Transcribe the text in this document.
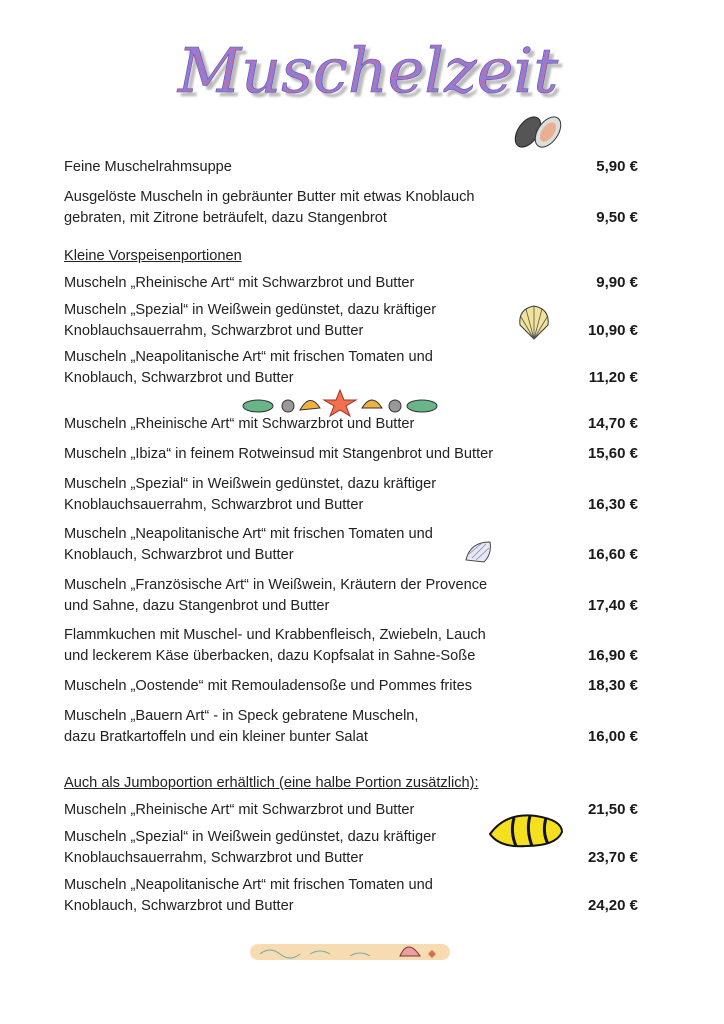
Muschelzeit
Feine Muschelrahmsuppe	5,90 €
Ausgelöste Muscheln in gebräunter Butter mit etwas Knoblauch
gebraten, mit Zitrone beträufelt, dazu Stangenbrot	9,50 €
Kleine Vorspeisenportionen
Muscheln „Rheinische Art“ mit Schwarzbrot und Butter	9,90 €
Muscheln „Spezial“ in Weißwein gedünstet, dazu kräftiger
Knoblauchsauerrahm, Schwarzbrot und Butter	10,90 €
Muscheln „Neapolitanische Art“ mit frischen Tomaten und
Knoblauch, Schwarzbrot und Butter	11,20 €
Muscheln „Rheinische Art“ mit Schwarzbrot und Butter	14,70 €
Muscheln „Ibiza“ in feinem Rotweinsud mit Stangenbrot und Butter	15,60 €
Muscheln „Spezial“ in Weißwein gedünstet, dazu kräftiger
Knoblauchsauerrahm, Schwarzbrot und Butter	16,30 €
Muscheln „Neapolitanische Art“ mit frischen Tomaten und
Knoblauch, Schwarzbrot und Butter	16,60 €
Muscheln „Französische Art“ in Weißwein, Kräutern der Provence
und Sahne, dazu Stangenbrot und Butter	17,40 €
Flammkuchen mit Muschel- und Krabbenfleisch, Zwiebeln, Lauch
und leckerem Käse überbacken, dazu Kopfsalat in Sahne-Soße	16,90 €
Muscheln „Oostende“ mit Remouladensoße und Pommes frites	18,30 €
Muscheln „Bauern Art“ - in Speck gebratene Muscheln,
dazu Bratkartoffeln und ein kleiner bunter Salat	16,00 €
Auch als Jumboportion erhältlich (eine halbe Portion zusätzlich):
Muscheln „Rheinische Art“ mit Schwarzbrot und Butter	21,50 €
Muscheln „Spezial“ in Weißwein gedünstet, dazu kräftiger
Knoblauchsauerrahm, Schwarzbrot und Butter	23,70 €
Muscheln „Neapolitanische Art“ mit frischen Tomaten und
Knoblauch, Schwarzbrot und Butter	24,20 €
